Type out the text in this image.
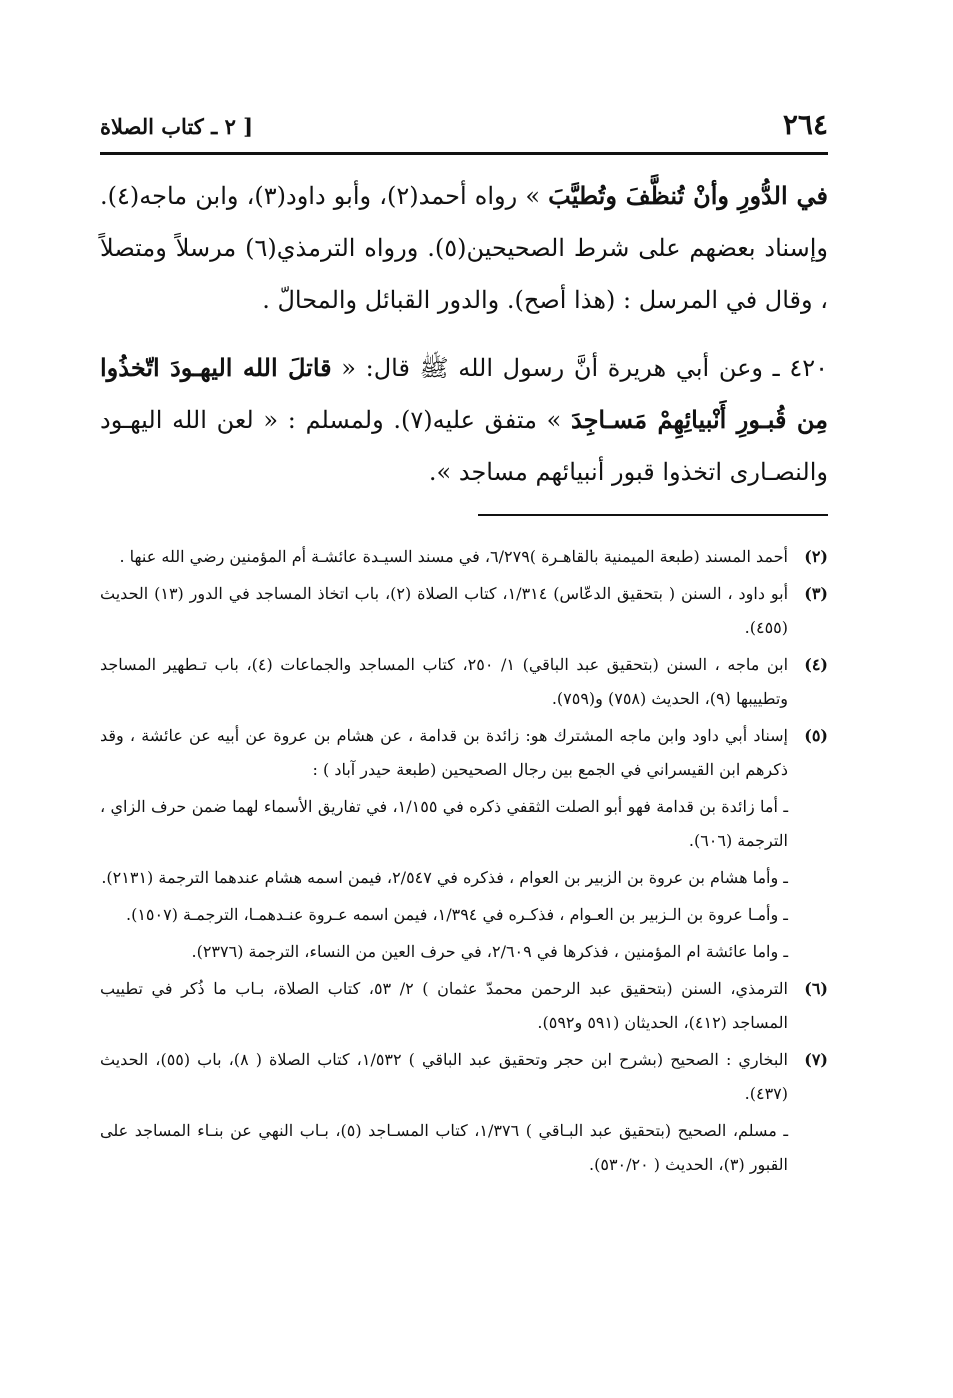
٢٦٤
[ ٢ ـ كتاب الصلاة

في الدُّورِ وأنْ تُنظَّفَ وتُطيَّبَ » رواه أحمد(٢)، وأبو داود(٣)، وابن ماجه(٤). وإسناد بعضهم على شرط الصحيحين(٥). ورواه الترمذي(٦) مرسلاً ومتصلاً ، وقال في المرسل : (هذا أصح). والدور القبائل والمحالّ .

٤٢٠ ـ وعن أبي هريرة أنَّ رسول الله ﷺ قال: « قاتلَ الله اليهـودَ اتّخذُوا مِن قُبـورِ أَنْبيائِهِمْ مَسـاجِدَ » متفق عليه(٧). ولمسلم : « لعن الله اليهـود والنصـارى اتخذوا قبور أنبيائهم مساجد ».

(٢)
أحمد المسند (طبعة الميمنية بالقاهـرة )٦/٢٧٩، في مسند السيـدة عائشـة أم المؤمنين رضي الله عنها .
(٣)
أبو داود ، السنن ( بتحقيق الدعّاس) ١/٣١٤، كتاب الصلاة (٢)، باب اتخاذ المساجد في الدور (١٣) الحديث (٤٥٥).
(٤)
ابن ماجه ، السنن (بتحقيق عبد الباقي) ١/ ٢٥٠، كتاب المساجد والجماعات (٤)، باب تـطهير المساجد وتطييبها (٩)، الحديث (٧٥٨) و(٧٥٩).
(٥)
إسناد أبي داود وابن ماجه المشترك هو: زائدة بن قدامة ، عن هشام بن عروة عن أبيه عن عائشة ، وقد ذكرهم ابن القيسراني في الجمع بين رجال الصحيحين (طبعة حيدر آباد ) :
ـ أما زائدة بن قدامة فهو أبو الصلت الثقفي ذكره في ١/١٥٥، في تفاريق الأسماء لهما ضمن حرف الزاي ، الترجمة (٦٠٦).
ـ وأما هشام بن عروة بن الزبير بن العوام ، فذكره في ٢/٥٤٧، فيمن اسمه هشام عندهما الترجمة (٢١٣١).
ـ وأمـا عروة بن الـزبير بن العـوام ، فذكـره في ١/٣٩٤، فيمن اسمه عـروة عنـدهمـا، الترجمـة (١٥٠٧).
ـ واما عائشة ام المؤمنين ، فذكرها في ٢/٦٠٩، في حرف العين من النساء، الترجمة (٢٣٧٦).
(٦)
الترمذي، السنن (بتحقيق عبد الرحمن محمدّ عثمان ) ٢/ ٥٣، كتاب الصلاة، بـاب ما ذُكر في تطييب المساجد (٤١٢)، الحديثان (٥٩١ و٥٩٢).
(٧)
البخاري : الصحيح (بشرح ابن حجر وتحقيق عبد الباقي ) ١/٥٣٢، كتاب الصلاة ( ٨)، باب (٥٥)، الحديث (٤٣٧).
ـ مسلم، الصحيح (بتحقيق عبد البـاقي ) ١/٣٧٦، كتاب المسـاجد (٥)، بـاب النهي عن بنـاء المساجد على القبور (٣)، الحديث ( ٥٣٠/٢٠).
